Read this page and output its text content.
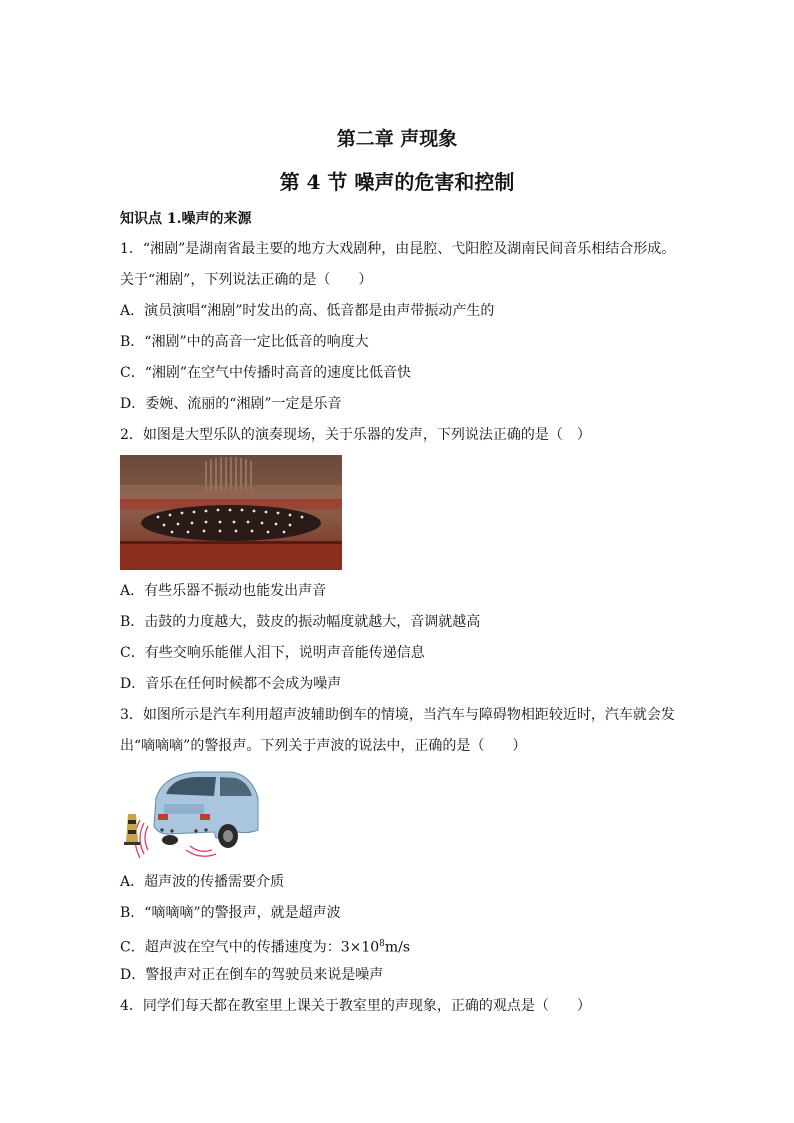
第二章 声现象
第 4 节 噪声的危害和控制
知识点 1.噪声的来源
1．“湘剧”是湖南省最主要的地方大戏剧种，由昆腔、弋阳腔及湖南民间音乐相结合形成。
关于“湘剧”，下列说法正确的是（　　）
A．演员演唱“湘剧”时发出的高、低音都是由声带振动产生的
B．“湘剧”中的高音一定比低音的响度大
C．“湘剧”在空气中传播时高音的速度比低音快
D．委婉、流丽的“湘剧”一定是乐音
2．如图是大型乐队的演奏现场，关于乐器的发声，下列说法正确的是（　）
A．有些乐器不振动也能发出声音
B．击鼓的力度越大，鼓皮的振动幅度就越大，音调就越高
C．有些交响乐能催人泪下，说明声音能传递信息
D．音乐在任何时候都不会成为噪声
3．如图所示是汽车利用超声波辅助倒车的情境，当汽车与障碍物相距较近时，汽车就会发
出“嘀嘀嘀”的警报声。下列关于声波的说法中，正确的是（　　）
A．超声波的传播需要介质
B．“嘀嘀嘀”的警报声，就是超声波
C．超声波在空气中的传播速度为：$3\times 10^8m/s$
D．警报声对正在倒车的驾驶员来说是噪声
4．同学们每天都在教室里上课关于教室里的声现象，正确的观点是（　　）
